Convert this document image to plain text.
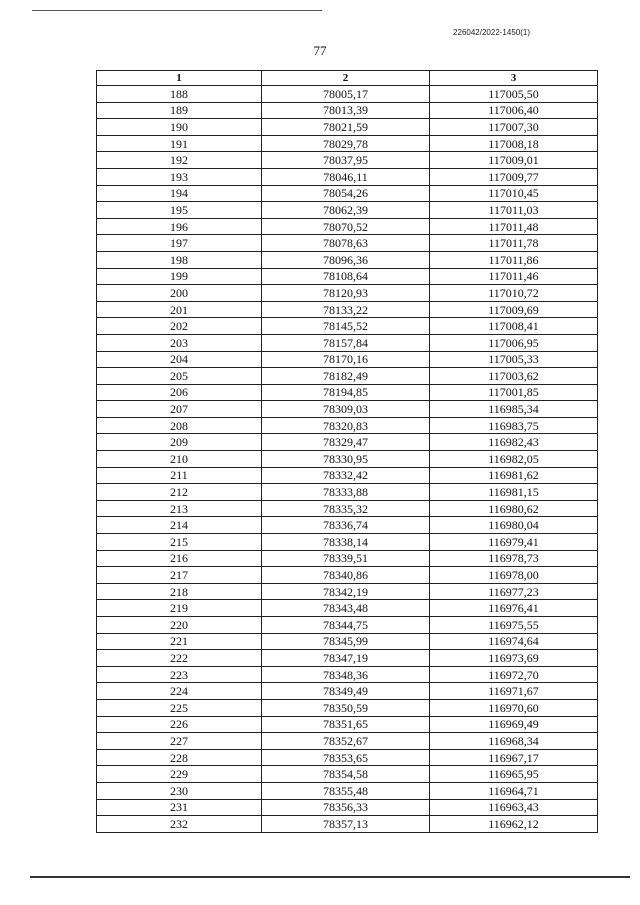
226042/2022-1450(1)
77
1	2	3
188	78005,17	117005,50
189	78013,39	117006,40
190	78021,59	117007,30
191	78029,78	117008,18
192	78037,95	117009,01
193	78046,11	117009,77
194	78054,26	117010,45
195	78062,39	117011,03
196	78070,52	117011,48
197	78078,63	117011,78
198	78096,36	117011,86
199	78108,64	117011,46
200	78120,93	117010,72
201	78133,22	117009,69
202	78145,52	117008,41
203	78157,84	117006,95
204	78170,16	117005,33
205	78182,49	117003,62
206	78194,85	117001,85
207	78309,03	116985,34
208	78320,83	116983,75
209	78329,47	116982,43
210	78330,95	116982,05
211	78332,42	116981,62
212	78333,88	116981,15
213	78335,32	116980,62
214	78336,74	116980,04
215	78338,14	116979,41
216	78339,51	116978,73
217	78340,86	116978,00
218	78342,19	116977,23
219	78343,48	116976,41
220	78344,75	116975,55
221	78345,99	116974,64
222	78347,19	116973,69
223	78348,36	116972,70
224	78349,49	116971,67
225	78350,59	116970,60
226	78351,65	116969,49
227	78352,67	116968,34
228	78353,65	116967,17
229	78354,58	116965,95
230	78355,48	116964,71
231	78356,33	116963,43
232	78357,13	116962,12
